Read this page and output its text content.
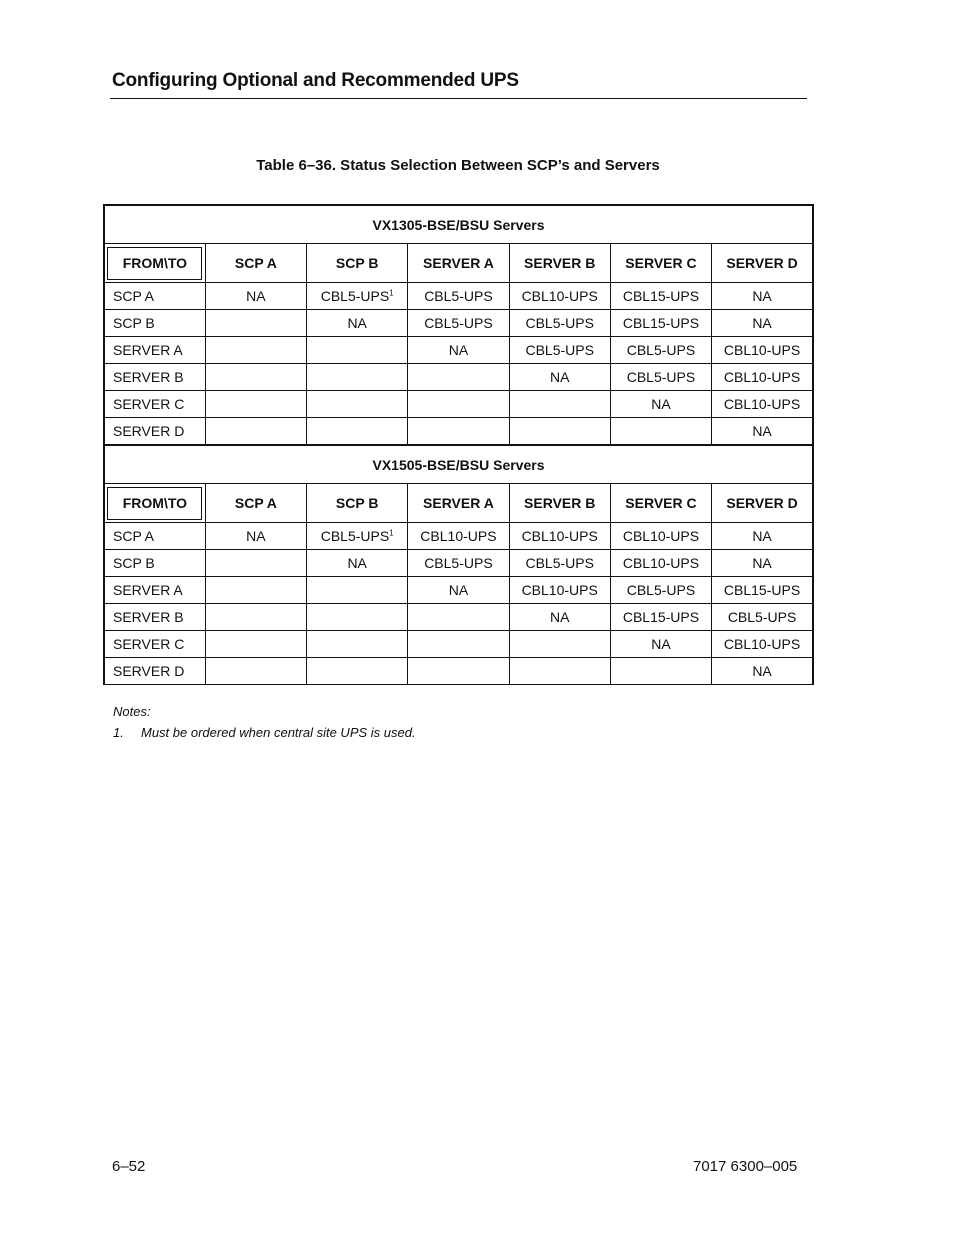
Configuring Optional and Recommended UPS
Table 6–36. Status Selection Between SCP’s and Servers
VX1305-BSE/BSU Servers						
FROM\TO	SCP A	SCP B	SERVER A	SERVER B	SERVER C	SERVER D
SCP A	NA	CBL5-UPS$^1$	CBL5-UPS	CBL10-UPS	CBL15-UPS	NA
SCP B		NA	CBL5-UPS	CBL5-UPS	CBL15-UPS	NA
SERVER A			NA	CBL5-UPS	CBL5-UPS	CBL10-UPS
SERVER B				NA	CBL5-UPS	CBL10-UPS
SERVER C					NA	CBL10-UPS
SERVER D						NA
VX1505-BSE/BSU Servers						
FROM\TO	SCP A	SCP B	SERVER A	SERVER B	SERVER C	SERVER D
SCP A	NA	CBL5-UPS$^1$	CBL10-UPS	CBL10-UPS	CBL10-UPS	NA
SCP B		NA	CBL5-UPS	CBL5-UPS	CBL10-UPS	NA
SERVER A			NA	CBL10-UPS	CBL5-UPS	CBL15-UPS
SERVER B				NA	CBL15-UPS	CBL5-UPS
SERVER C					NA	CBL10-UPS
SERVER D						NA
Notes:
1. Must be ordered when central site UPS is used.
6–52	7017 6300–005
